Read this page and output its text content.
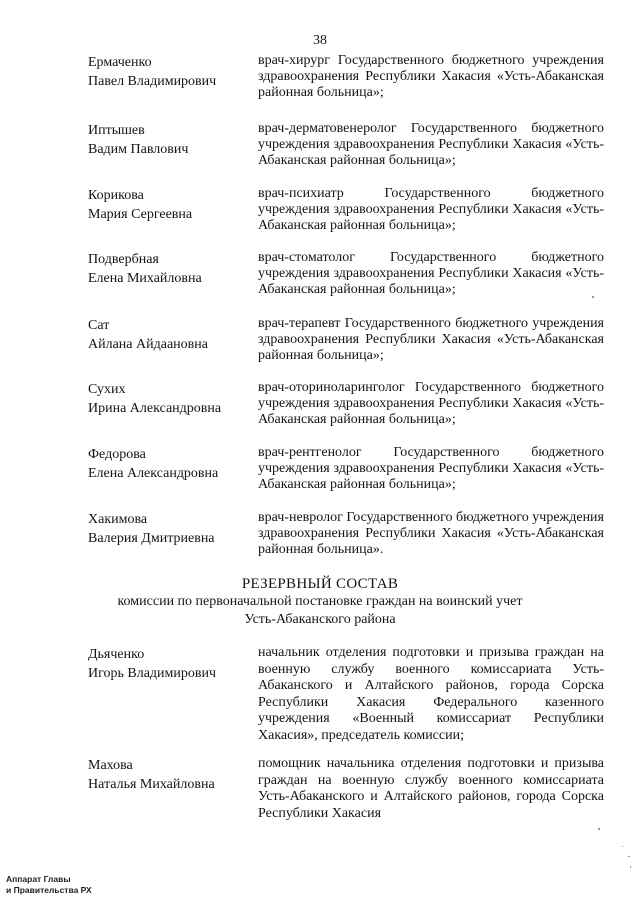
38
Ермаченко
Павел Владимирович
врач-хирург Государственного бюджетного учреждения здравоохранения Республики Хакасия «Усть-Абаканская районная больница»;
Иптышев
Вадим Павлович
врач-дерматовенеролог Государственного бюджетного учреждения здравоохранения Республики Хакасия «Усть-Абаканская районная больница»;
Корикова
Мария Сергеевна
врач-психиатр Государственного бюджетного учреждения здравоохранения Республики Хакасия «Усть-Абаканская районная больница»;
Подвербная
Елена Михайловна
врач-стоматолог Государственного бюджетного учреждения здравоохранения Республики Хакасия «Усть-Абаканская районная больница»;
Сат
Айлана Айдаановна
врач-терапевт Государственного бюджетного учреждения здравоохранения Республики Хакасия «Усть-Абаканская районная больница»;
Сухих
Ирина Александровна
врач-оториноларинголог Государственного бюджетного учреждения здравоохранения Республики Хакасия «Усть-Абаканская районная больница»;
Федорова
Елена Александровна
врач-рентгенолог Государственного бюджетного учреждения здравоохранения Республики Хакасия «Усть-Абаканская районная больница»;
Хакимова
Валерия Дмитриевна
врач-невролог Государственного бюджетного учреждения здравоохранения Республики Хакасия «Усть-Абаканская районная больница».
РЕЗЕРВНЫЙ СОСТАВ
комиссии по первоначальной постановке граждан на воинский учет
Усть-Абаканского района
Дьяченко
Игорь Владимирович
начальник отделения подготовки и призыва граждан на военную службу военного комиссариата Усть-Абаканского и Алтайского районов, города Сорска Республики Хакасия Федерального казенного учреждения «Военный комиссариат Республики Хакасия», председатель комиссии;
Махова
Наталья Михайловна
помощник начальника отделения подготовки и призыва граждан на военную службу военного комиссариата Усть-Абаканского и Алтайского районов, города Сорска Республики Хакасия
Аппарат Главы
и Правительства РХ
